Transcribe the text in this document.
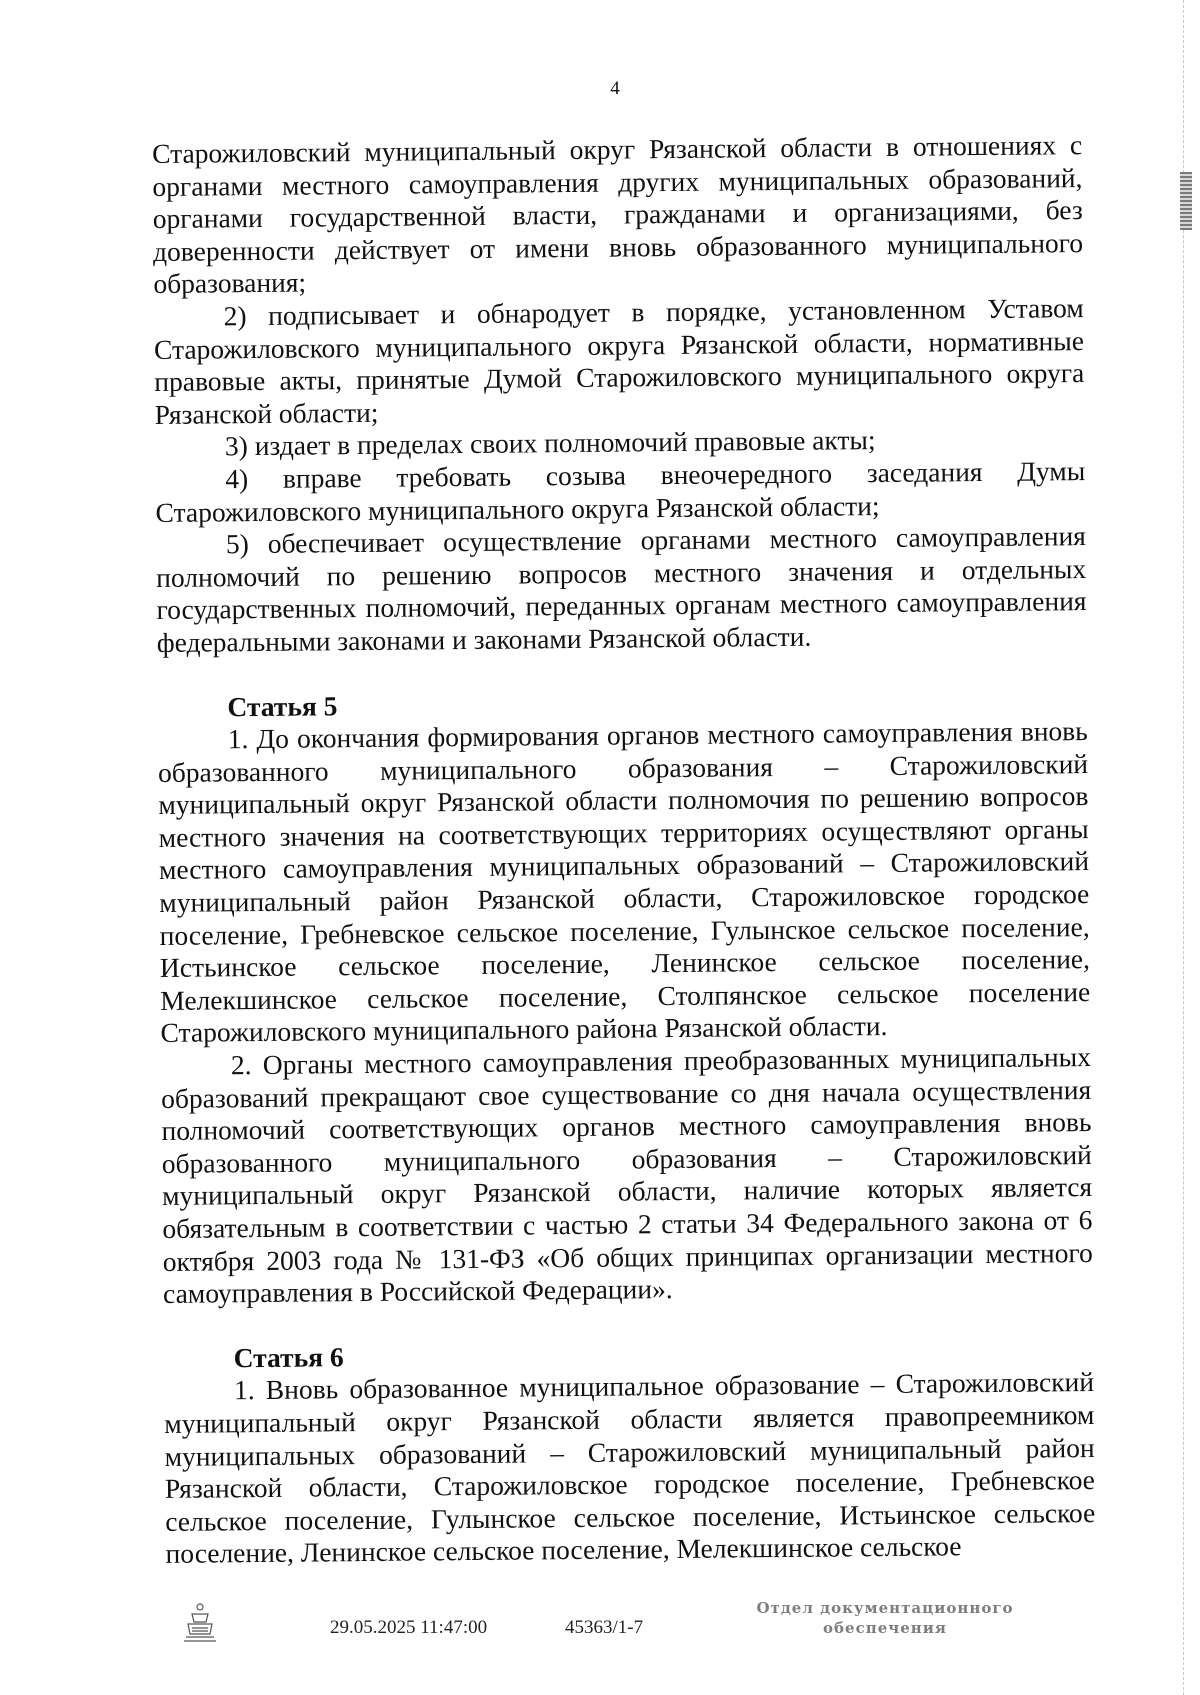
4

Старожиловский муниципальный округ Рязанской области в отношениях с органами местного самоуправления других муниципальных образований, органами государственной власти, гражданами и организациями, без доверенности действует от имени вновь образованного муниципального образования;

2) подписывает и обнародует в порядке, установленном Уставом Старожиловского муниципального округа Рязанской области, нормативные правовые акты, принятые Думой Старожиловского муниципального округа Рязанской области;

3) издает в пределах своих полномочий правовые акты;

4) вправе требовать созыва внеочередного заседания Думы Старожиловского муниципального округа Рязанской области;

5) обеспечивает осуществление органами местного самоуправления полномочий по решению вопросов местного значения и отдельных государственных полномочий, переданных органам местного самоуправления федеральными законами и законами Рязанской области.

Статья 5

1. До окончания формирования органов местного самоуправления вновь образованного муниципального образования – Старожиловский муниципальный округ Рязанской области полномочия по решению вопросов местного значения на соответствующих территориях осуществляют органы местного самоуправления муниципальных образований – Старожиловский муниципальный район Рязанской области, Старожиловское городское поселение, Гребневское сельское поселение, Гулынское сельское поселение, Истьинское сельское поселение, Ленинское сельское поселение, Мелекшинское сельское поселение, Столпянское сельское поселение Старожиловского муниципального района Рязанской области.

2. Органы местного самоуправления преобразованных муниципальных образований прекращают свое существование со дня начала осуществления полномочий соответствующих органов местного самоуправления вновь образованного муниципального образования – Старожиловский муниципальный округ Рязанской области, наличие которых является обязательным в соответствии с частью 2 статьи 34 Федерального закона от 6 октября 2003 года № 131-ФЗ «Об общих принципах организации местного самоуправления в Российской Федерации».

Статья 6

1. Вновь образованное муниципальное образование – Старожиловский муниципальный округ Рязанской области является правопреемником муниципальных образований – Старожиловский муниципальный район Рязанской области, Старожиловское городское поселение, Гребневское сельское поселение, Гулынское сельское поселение, Истьинское сельское поселение, Ленинское сельское поселение, Мелекшинское сельское

29.05.2025 11:47:00	45363/1-7
Отдел документационного
обеспечения
